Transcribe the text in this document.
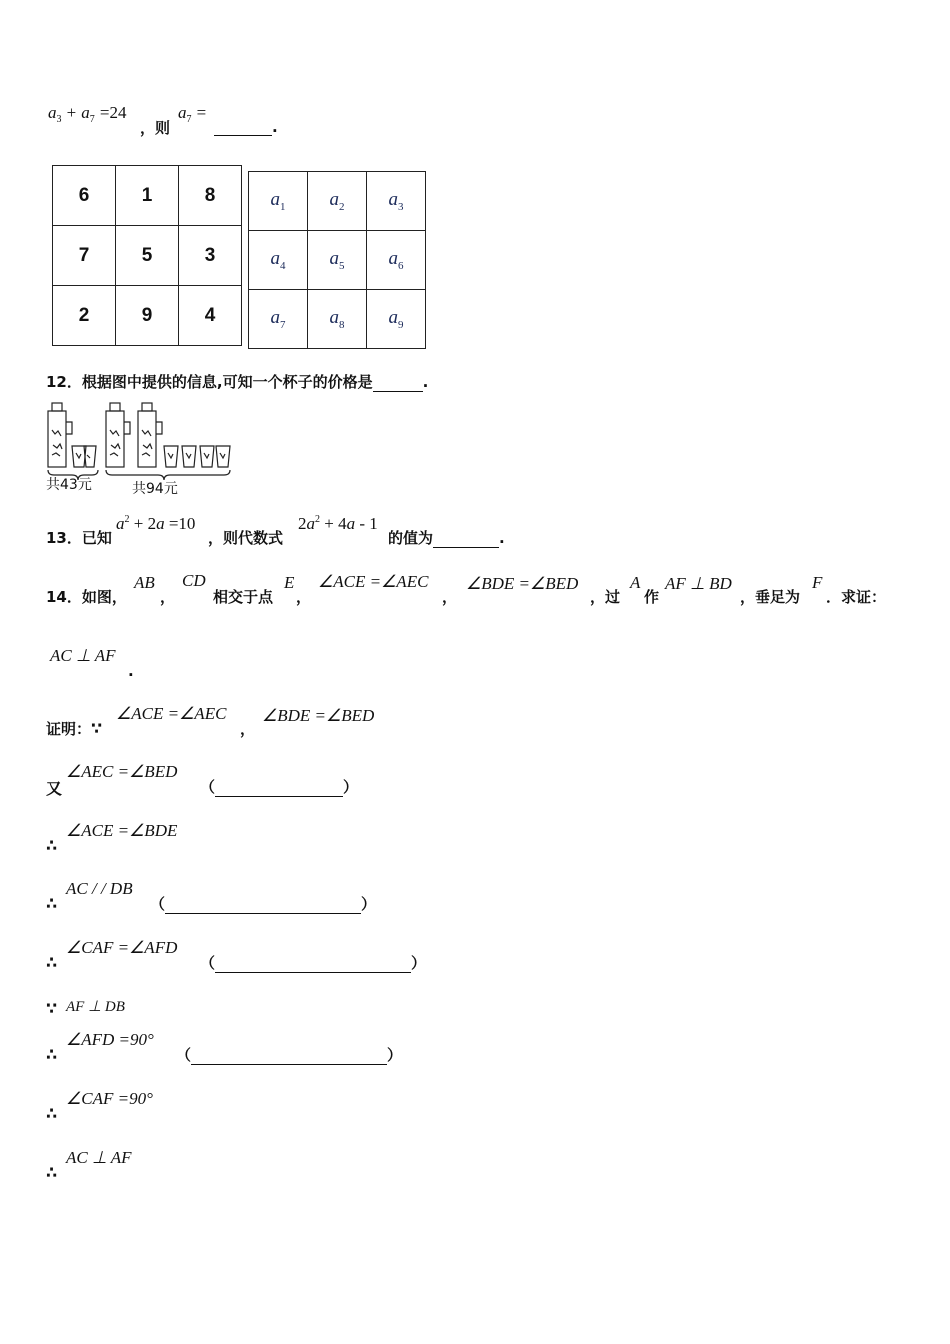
$a_3 + a_7 =24$
，则
$a_7$ =
.
6	1	8
7	5	3
2	9	4
$a_1$	$a_2$	$a_3$
$a_4$	$a_5$	$a_6$
$a_7$	$a_8$	$a_9$
12．根据图中提供的信息,可知一个杯子的价格是	.
共43元	共94元
13．已知
$a^2 + 2a =10$
，则代数式
$2a^2 + 4a - 1$
的值为	.
14．如图，
AB
，
CD
相交于点
E
，
∠ACE =∠AEC
，
∠BDE =∠BED
，过
A
作
AF ⊥ BD
，垂足为
F
．求证：
AC ⊥ AF
.
证明：∵
∠ACE =∠AEC
，
∠BDE =∠BED
又
∠AEC =∠BED
（	）
∴
∠ACE =∠BDE
∴
AC / / DB
（	）
∴
∠CAF =∠AFD
（	）
∵ AF ⊥ DB
∴
∠AFD =90°
（	）
∴
∠CAF =90°
∴
AC ⊥ AF
